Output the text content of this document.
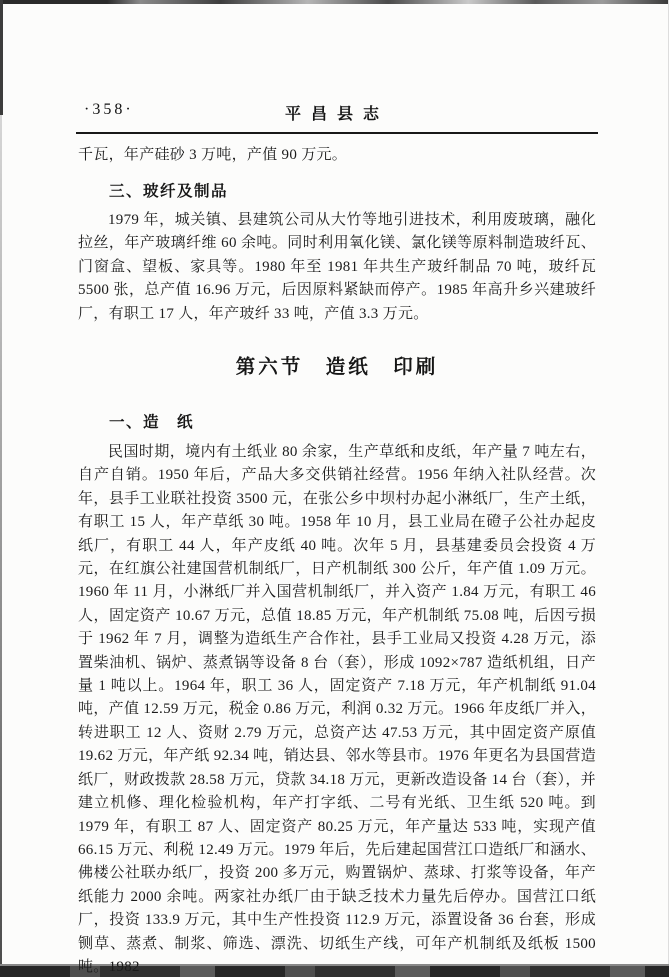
·358·	平昌县志

千瓦，年产硅砂 3 万吨，产值 90 万元。

三、玻纤及制品

1979 年，城关镇、县建筑公司从大竹等地引进技术，利用废玻璃，融化拉丝，年产玻璃纤维 60 余吨。同时利用氧化镁、氯化镁等原料制造玻纤瓦、门窗盒、望板、家具等。1980 年至 1981 年共生产玻纤制品 70 吨，玻纤瓦 5500 张，总产值 16.96 万元，后因原料紧缺而停产。1985 年高升乡兴建玻纤厂，有职工 17 人，年产玻纤 33 吨，产值 3.3 万元。

第六节　造纸　印刷
一、造　纸

民国时期，境内有土纸业 80 余家，生产草纸和皮纸，年产量 7 吨左右，自产自销。1950 年后，产品大多交供销社经营。1956 年纳入社队经营。次年，县手工业联社投资 3500 元，在张公乡中坝村办起小淋纸厂，生产土纸，有职工 15 人，年产草纸 30 吨。1958 年 10 月，县工业局在磴子公社办起皮纸厂，有职工 44 人，年产皮纸 40 吨。次年 5 月，县基建委员会投资 4 万元，在红旗公社建国营机制纸厂，日产机制纸 300 公斤，年产值 1.09 万元。1960 年 11 月，小淋纸厂并入国营机制纸厂，并入资产 1.84 万元，有职工 46 人，固定资产 10.67 万元，总值 18.85 万元，年产机制纸 75.08 吨，后因亏损于 1962 年 7 月，调整为造纸生产合作社，县手工业局又投资 4.28 万元，添置柴油机、锅炉、蒸煮锅等设备 8 台（套），形成 1092×787 造纸机组，日产量 1 吨以上。1964 年，职工 36 人，固定资产 7.18 万元，年产机制纸 91.04 吨，产值 12.59 万元，税金 0.86 万元，利润 0.32 万元。1966 年皮纸厂并入，转进职工 12 人、资财 2.79 万元，总资产达 47.53 万元，其中固定资产原值 19.62 万元，年产纸 92.34 吨，销达县、邻水等县市。1976 年更名为县国营造纸厂，财政拨款 28.58 万元，贷款 34.18 万元，更新改造设备 14 台（套），并建立机修、理化检验机构，年产打字纸、二号有光纸、卫生纸 520 吨。到 1979 年，有职工 87 人、固定资产 80.25 万元，年产量达 533 吨，实现产值 66.15 万元、利税 12.49 万元。1979 年后，先后建起国营江口造纸厂和涵水、佛楼公社联办纸厂，投资 200 多万元，购置锅炉、蒸球、打浆等设备，年产纸能力 2000 余吨。两家社办纸厂由于缺乏技术力量先后停办。国营江口纸厂，投资 133.9 万元，其中生产性投资 112.9 万元，添置设备 36 台套，形成铡草、蒸煮、制浆、筛选、漂洗、切纸生产线，可年产机制纸及纸板 1500 吨。1982
